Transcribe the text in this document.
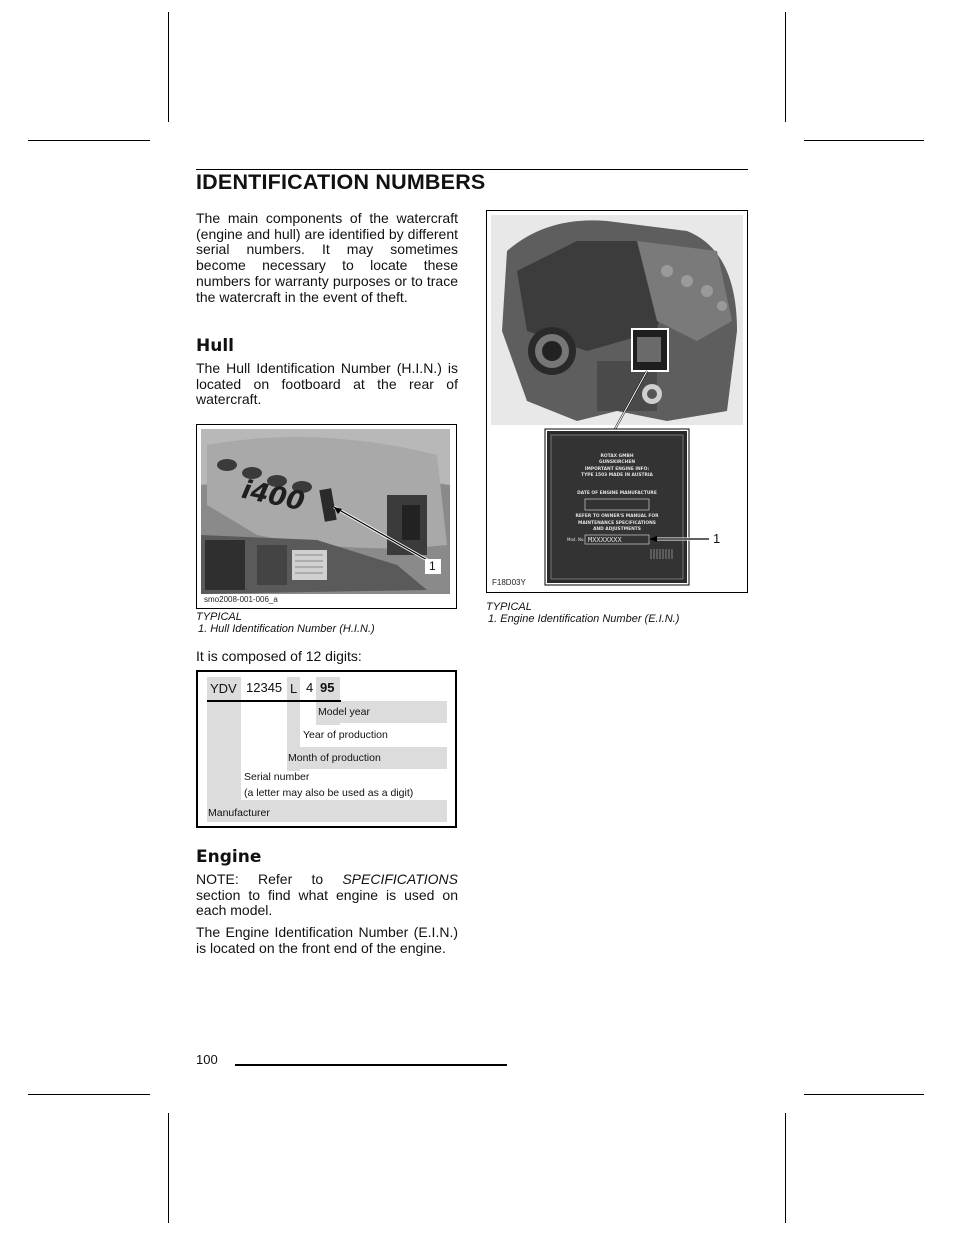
IDENTIFICATION NUMBERS

The main components of the watercraft (engine and hull) are identified by different serial numbers. It may sometimes become necessary to locate these numbers for warranty purposes or to trace the watercraft in the event of theft.

Hull

The Hull Identification Number (H.I.N.) is located on footboard at the rear of watercraft.

i400
1
smo2008-001-006_a
TYPICAL
1. Hull Identification Number (H.I.N.)
It is composed of 12 digits:
YDV 12345 L 4 95
Model year
Year of production
Month of production
Serial number
(a letter may also be used as a digit)
Manufacturer
Engine

NOTE: Refer to SPECIFICATIONS section to find what engine is used on each model.

The Engine Identification Number (E.I.N.) is located on the front end of the engine.

ROTAX GMBH
GUNSKIRCHEN
IMPORTANT ENGINE INFO:
TYPE 1503 MADE IN AUSTRIA
DATE OF ENGINE MANUFACTURE
REFER TO OWNER'S MANUAL FOR
MAINTENANCE SPECIFICATIONS
AND ADJUSTMENTS
Mod. No. MXXXXXXX	1
F18D03Y
TYPICAL
1. Engine Identification Number (E.I.N.)
100
